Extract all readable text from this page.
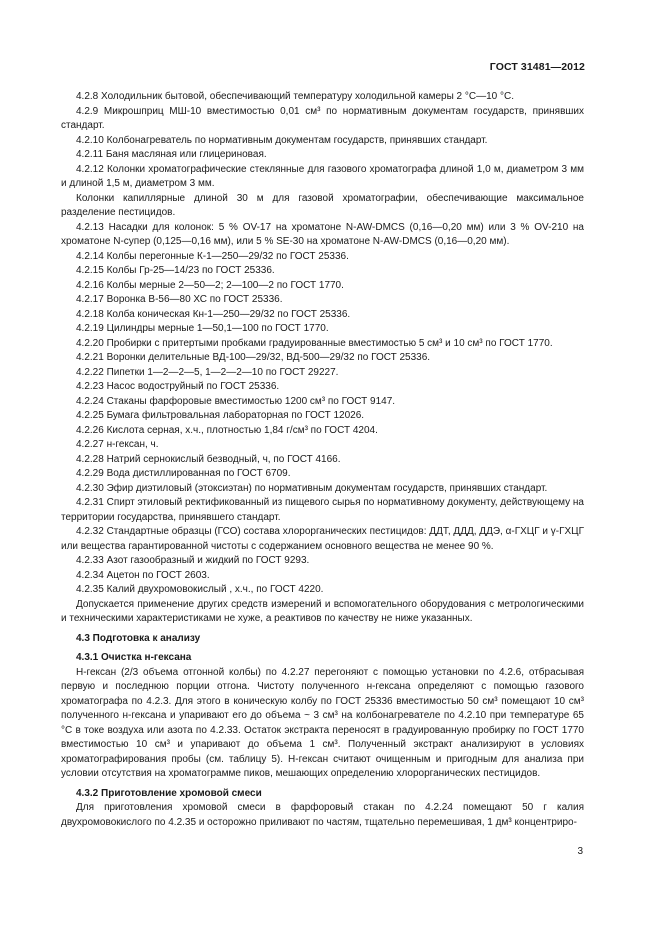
ГОСТ 31481—2012

4.2.8 Холодильник бытовой, обеспечивающий температуру холодильной камеры 2 °С—10 °С.

4.2.9 Микрошприц МШ-10 вместимостью 0,01 см³ по нормативным документам государств, принявших стандарт.

4.2.10 Колбонагреватель по нормативным документам государств, принявших стандарт.

4.2.11 Баня масляная или глицериновая.

4.2.12 Колонки хроматографические стеклянные для газового хроматографа длиной 1,0 м, диаметром 3 мм и длиной 1,5 м, диаметром 3 мм.

Колонки капиллярные длиной 30 м для газовой хроматографии, обеспечивающие максимальное разделение пестицидов.

4.2.13 Насадки для колонок: 5 % OV-17 на хроматоне N-AW-DMCS (0,16—0,20 мм) или 3 % OV-210 на хроматоне N-супер (0,125—0,16 мм), или 5 % SE-30 на хроматоне N-AW-DMCS (0,16—0,20 мм).

4.2.14 Колбы перегонные К-1—250—29/32 по ГОСТ 25336.

4.2.15 Колбы Гр-25—14/23 по ГОСТ 25336.

4.2.16 Колбы мерные 2—50—2; 2—100—2 по ГОСТ 1770.

4.2.17 Воронка В-56—80 ХС по ГОСТ 25336.

4.2.18 Колба коническая Кн-1—250—29/32 по ГОСТ 25336.

4.2.19 Цилиндры мерные 1—50,1—100 по ГОСТ 1770.

4.2.20 Пробирки с притертыми пробками градуированные вместимостью 5 см³ и 10 см³ по ГОСТ 1770.

4.2.21 Воронки делительные ВД-100—29/32, ВД-500—29/32 по ГОСТ 25336.

4.2.22 Пипетки 1—2—2—5, 1—2—2—10 по ГОСТ 29227.

4.2.23 Насос водоструйный по ГОСТ 25336.

4.2.24 Стаканы фарфоровые вместимостью 1200 см³ по ГОСТ 9147.

4.2.25 Бумага фильтровальная лабораторная по ГОСТ 12026.

4.2.26 Кислота серная, х.ч., плотностью 1,84 г/см³ по ГОСТ 4204.

4.2.27 н-гексан, ч.

4.2.28 Натрий сернокислый безводный, ч, по ГОСТ 4166.

4.2.29 Вода дистиллированная по ГОСТ 6709.

4.2.30 Эфир диэтиловый (этоксиэтан) по нормативным документам государств, принявших стандарт.

4.2.31 Спирт этиловый ректификованный из пищевого сырья по нормативному документу, действующему на территории государства, принявшего стандарт.

4.2.32 Стандартные образцы (ГСО) состава хлорорганических пестицидов: ДДТ, ДДД, ДДЭ, α-ГХЦГ и γ-ГХЦГ или вещества гарантированной чистоты с содержанием основного вещества не менее 90 %.

4.2.33 Азот газообразный и жидкий по ГОСТ 9293.

4.2.34 Ацетон по ГОСТ 2603.

4.2.35 Калий двухромовокислый , х.ч., по ГОСТ 4220.

Допускается применение других средств измерений и вспомогательного оборудования с метрологическими и техническими характеристиками не хуже, а реактивов по качеству не ниже указанных.

4.3 Подготовка к анализу

4.3.1 Очистка н-гексана

Н-гексан (2/3 объема отгонной колбы) по 4.2.27 перегоняют с помощью установки по 4.2.6, отбрасывая первую и последнюю порции отгона. Чистоту полученного н-гексана определяют с помощью газового хроматографа по 4.2.3. Для этого в коническую колбу по ГОСТ 25336 вместимостью 50 см³ помещают 10 см³ полученного н-гексана и упаривают его до объема ~ 3 см³ на колбонагревателе по 4.2.10 при температуре 65 °С в токе воздуха или азота по 4.2.33. Остаток экстракта переносят в градуированную пробирку по ГОСТ 1770 вместимостью 10 см³ и упаривают до объема 1 см³. Полученный экстракт анализируют в условиях хроматографирования пробы (см. таблицу 5). Н-гексан считают очищенным и пригодным для анализа при условии отсутствия на хроматограмме пиков, мешающих определению хлорорганических пестицидов.

4.3.2 Приготовление хромовой смеси

Для приготовления хромовой смеси в фарфоровый стакан по 4.2.24 помещают 50 г калия двухромовокислого по 4.2.35 и осторожно приливают по частям, тщательно перемешивая, 1 дм³ концентриро-

3
